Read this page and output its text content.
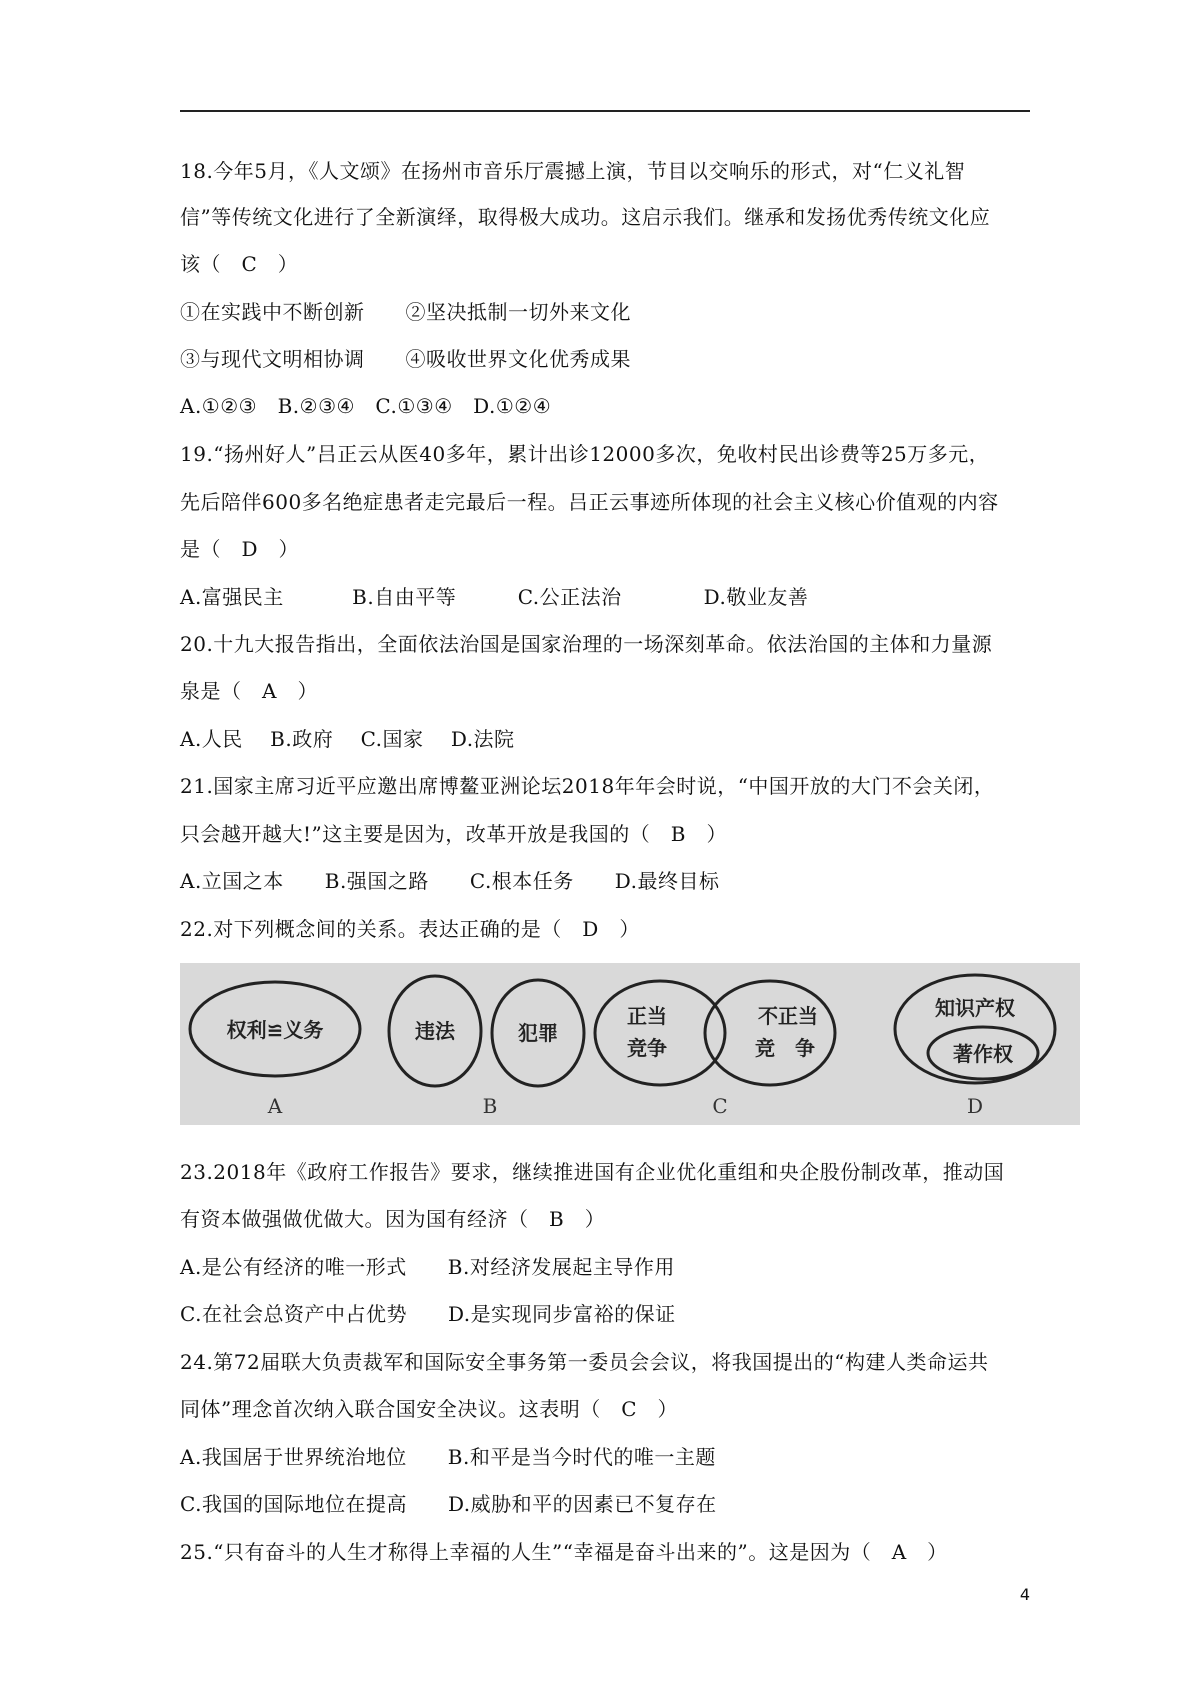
18.今年5月，《人文颂》在扬州市音乐厅震撼上演，节目以交响乐的形式，对“仁义礼智
信”等传统文化进行了全新演绎，取得极大成功。这启示我们。继承和发扬优秀传统文化应
该（　C　）
①在实践中不断创新　　②坚决抵制一切外来文化
③与现代文明相协调　　④吸收世界文化优秀成果
A.①②③　B.②③④　C.①③④　D.①②④
19.“扬州好人”吕正云从医40多年，累计出诊12000多次，免收村民出诊费等25万多元，
先后陪伴600多名绝症患者走完最后一程。吕正云事迹所体现的社会主义核心价值观的内容
是（　D　）
A.富强民主　　　 B.自由平等　　　C.公正法治　　　　D.敬业友善
20.十九大报告指出，全面依法治国是国家治理的一场深刻革命。依法治国的主体和力量源
泉是（　A　）
A.人民　 B.政府　 C.国家　 D.法院
21.国家主席习近平应邀出席博鳌亚洲论坛2018年年会时说，“中国开放的大门不会关闭，
只会越开越大!”这主要是因为，改革开放是我国的（　B　）
A.立国之本　　B.强国之路　　C.根本任务　　D.最终目标
22.对下列概念间的关系。表达正确的是（　D　）
权利≌义务
A
违法	犯罪
B
正当
竞争
不正当
竞　争
C
知识产权
著作权
D
23.2018年《政府工作报告》要求，继续推进国有企业优化重组和央企股份制改革，推动国
有资本做强做优做大。因为国有经济（　B　）
A.是公有经济的唯一形式　　B.对经济发展起主导作用
C.在社会总资产中占优势　　D.是实现同步富裕的保证
24.第72届联大负责裁军和国际安全事务第一委员会会议，将我国提出的“构建人类命运共
同体”理念首次纳入联合国安全决议。这表明（　C　）
A.我国居于世界统治地位　　B.和平是当今时代的唯一主题
C.我国的国际地位在提高　　D.威胁和平的因素已不复存在
25.“只有奋斗的人生才称得上幸福的人生”“幸福是奋斗出来的”。这是因为（　A　）
4
